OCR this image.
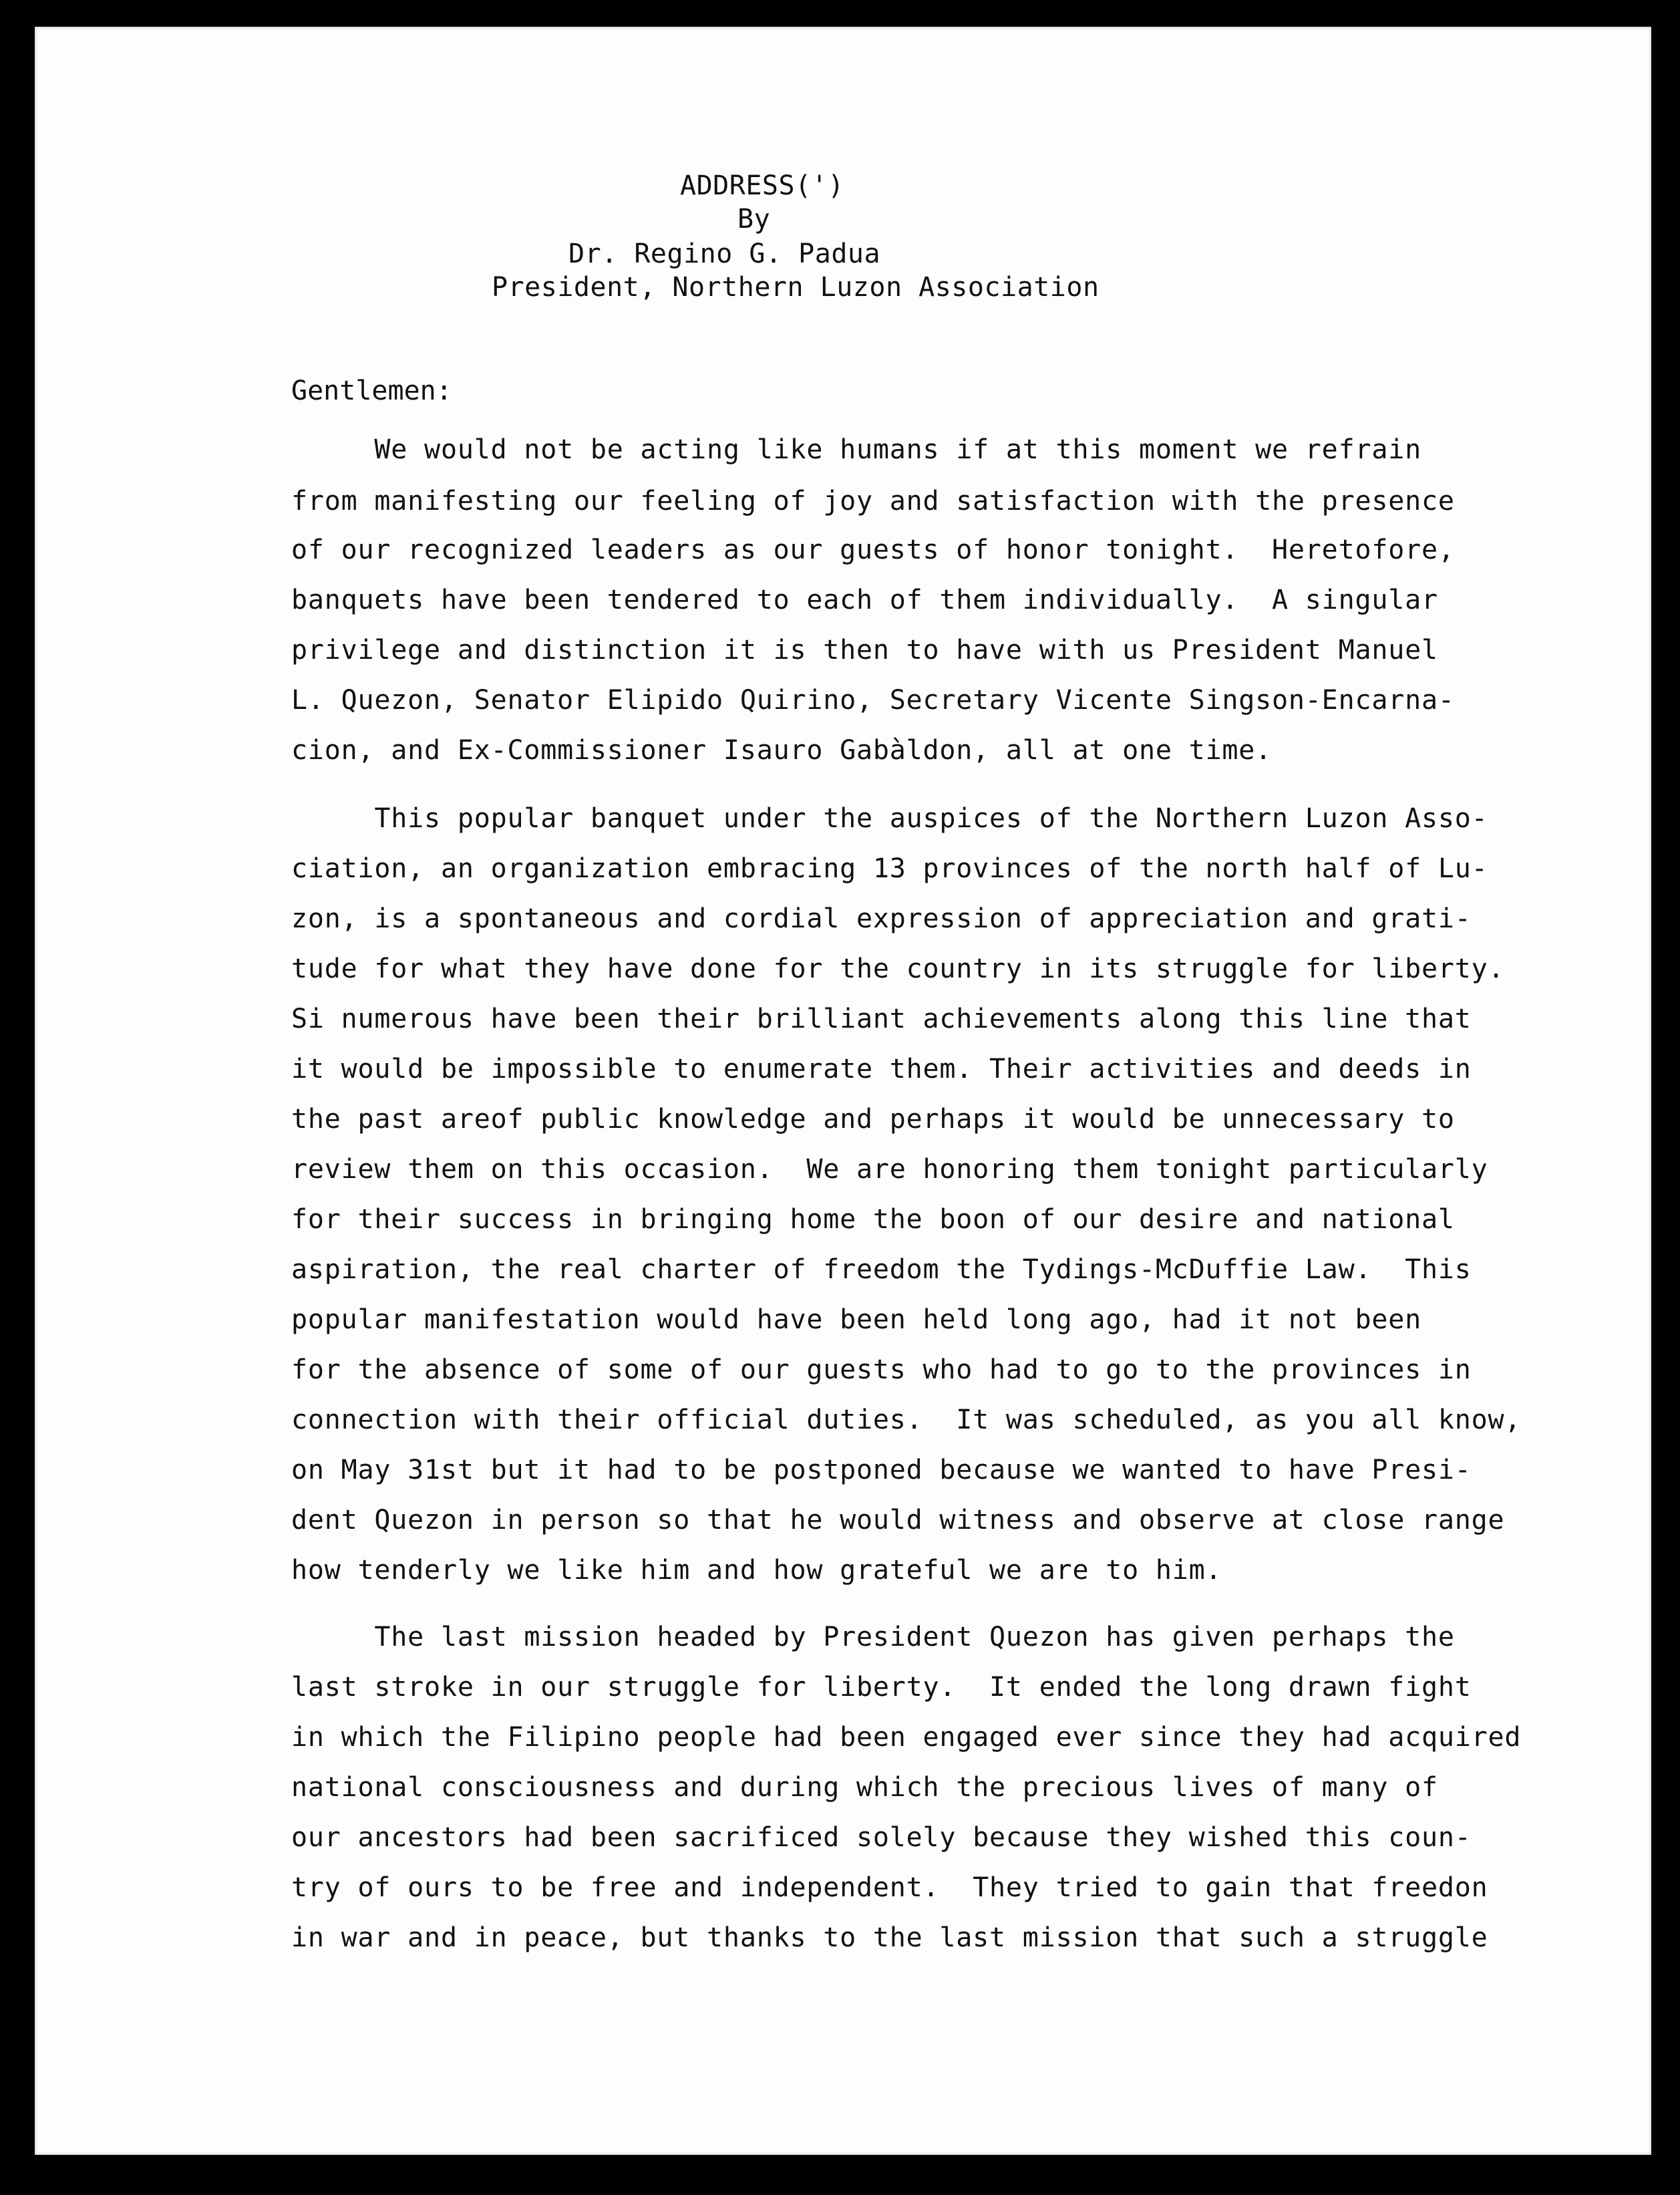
ADDRESS(')
By
Dr. Regino G. Padua
President, Northern Luzon Association
Gentlemen:
We would not be acting like humans if at this moment we refrain
from manifesting our feeling of joy and satisfaction with the presence
of our recognized leaders as our guests of honor tonight.  Heretofore,
banquets have been tendered to each of them individually.  A singular
privilege and distinction it is then to have with us President Manuel
L. Quezon, Senator Elipido Quirino, Secretary Vicente Singson-Encarna-
cion, and Ex-Commissioner Isauro Gabàldon, all at one time.
This popular banquet under the auspices of the Northern Luzon Asso-
ciation, an organization embracing 13 provinces of the north half of Lu-
zon, is a spontaneous and cordial expression of appreciation and grati-
tude for what they have done for the country in its struggle for liberty.
Si numerous have been their brilliant achievements along this line that
it would be impossible to enumerate them. Their activities and deeds in
the past areof public knowledge and perhaps it would be unnecessary to
review them on this occasion.  We are honoring them tonight particularly
for their success in bringing home the boon of our desire and national
aspiration, the real charter of freedom the Tydings-McDuffie Law.  This
popular manifestation would have been held long ago, had it not been
for the absence of some of our guests who had to go to the provinces in
connection with their official duties.  It was scheduled, as you all know,
on May 31st but it had to be postponed because we wanted to have Presi-
dent Quezon in person so that he would witness and observe at close range
how tenderly we like him and how grateful we are to him.
The last mission headed by President Quezon has given perhaps the
last stroke in our struggle for liberty.  It ended the long drawn fight
in which the Filipino people had been engaged ever since they had acquired
national consciousness and during which the precious lives of many of
our ancestors had been sacrificed solely because they wished this coun-
try of ours to be free and independent.  They tried to gain that freedon
in war and in peace, but thanks to the last mission that such a struggle
